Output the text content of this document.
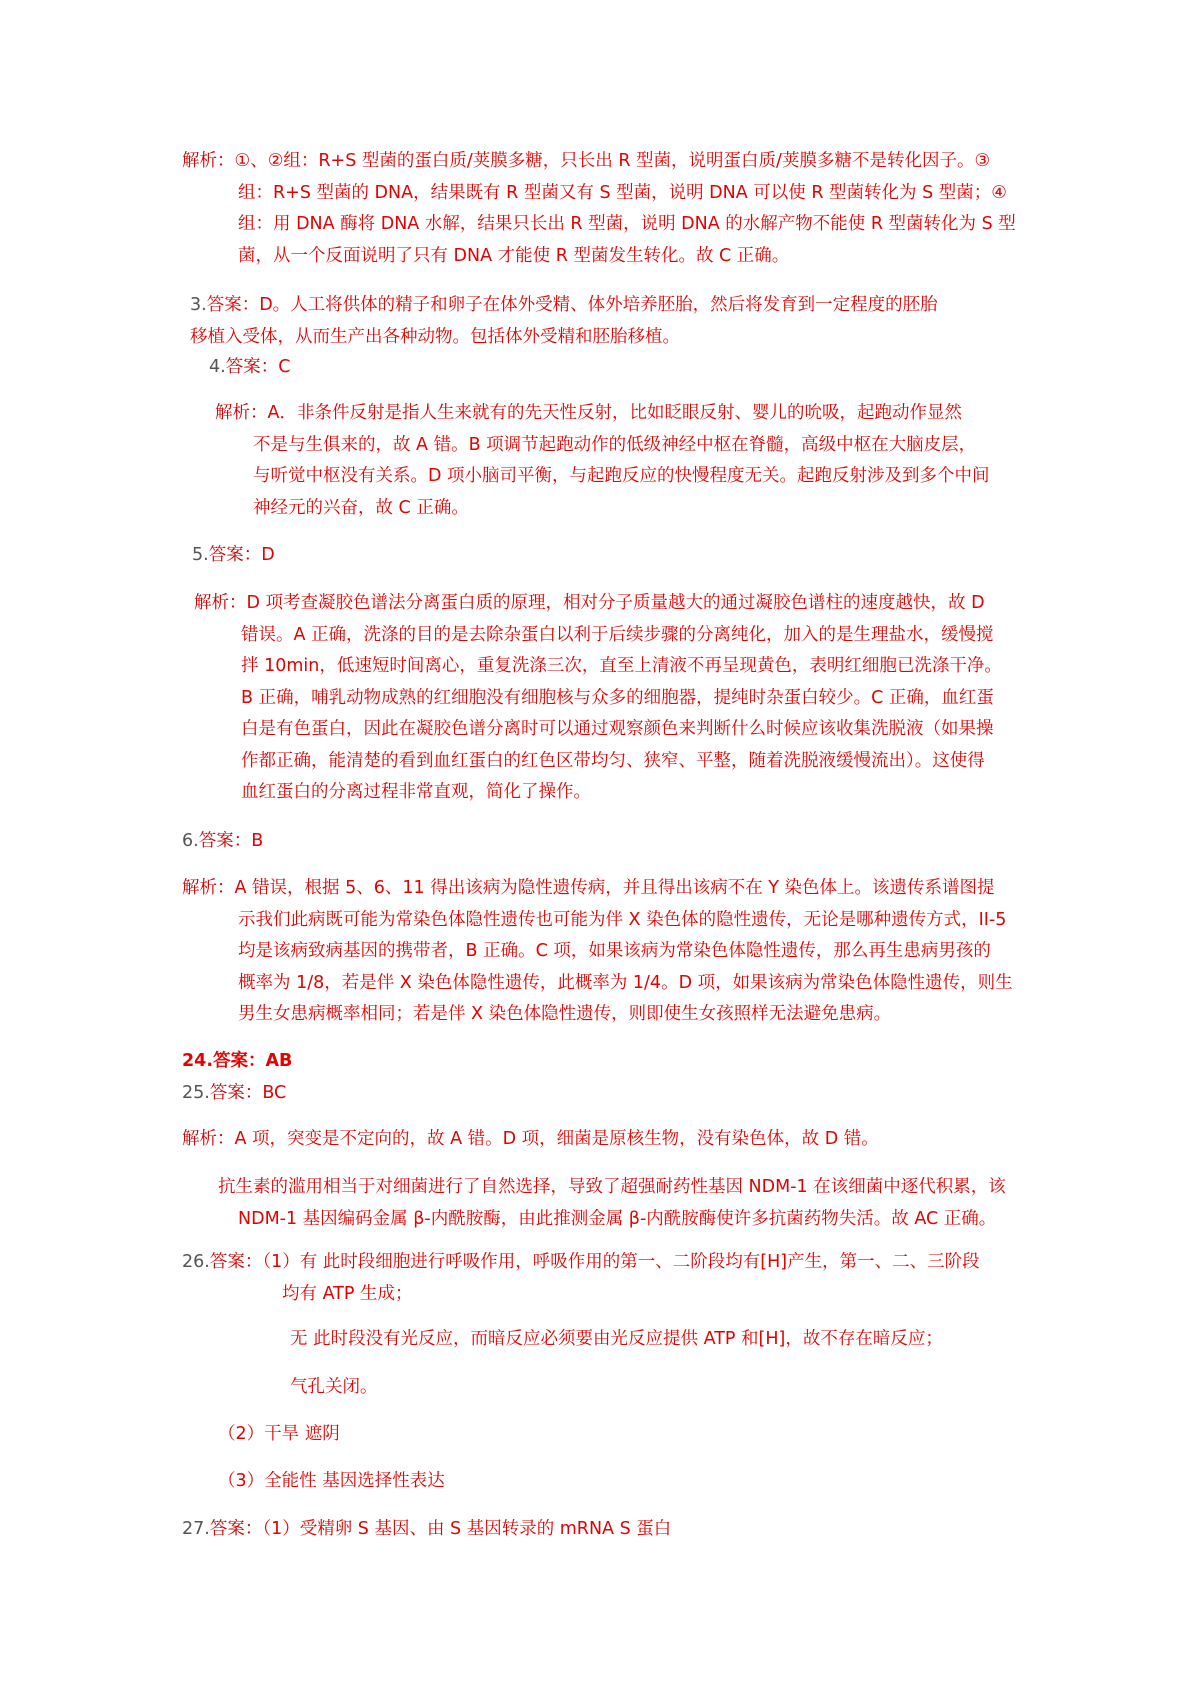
解析：①、②组：R+S 型菌的蛋白质/荚膜多糖，只长出 R 型菌，说明蛋白质/荚膜多糖不是转化因子。③
组：R+S 型菌的 DNA，结果既有 R 型菌又有 S 型菌，说明 DNA 可以使 R 型菌转化为 S 型菌；④
组：用 DNA 酶将 DNA 水解，结果只长出 R 型菌，说明 DNA 的水解产物不能使 R 型菌转化为 S 型
菌，从一个反面说明了只有 DNA 才能使 R 型菌发生转化。故 C 正确。
3.答案：D。人工将供体的精子和卵子在体外受精、体外培养胚胎，然后将发育到一定程度的胚胎
移植入受体，从而生产出各种动物。包括体外受精和胚胎移植。
4.答案：C
解析：A．非条件反射是指人生来就有的先天性反射，比如眨眼反射、婴儿的吮吸，起跑动作显然
不是与生俱来的，故 A 错。B 项调节起跑动作的低级神经中枢在脊髓，高级中枢在大脑皮层，
与听觉中枢没有关系。D 项小脑司平衡，与起跑反应的快慢程度无关。起跑反射涉及到多个中间
神经元的兴奋，故 C 正确。
5.答案：D
解析：D 项考查凝胶色谱法分离蛋白质的原理，相对分子质量越大的通过凝胶色谱柱的速度越快，故 D
错误。A 正确，洗涤的目的是去除杂蛋白以利于后续步骤的分离纯化，加入的是生理盐水，缓慢搅
拌 10min，低速短时间离心，重复洗涤三次，直至上清液不再呈现黄色，表明红细胞已洗涤干净。
B 正确，哺乳动物成熟的红细胞没有细胞核与众多的细胞器，提纯时杂蛋白较少。C 正确，血红蛋
白是有色蛋白，因此在凝胶色谱分离时可以通过观察颜色来判断什么时候应该收集洗脱液（如果操
作都正确，能清楚的看到血红蛋白的红色区带均匀、狭窄、平整，随着洗脱液缓慢流出）。这使得
血红蛋白的分离过程非常直观，简化了操作。
6.答案：B
解析：A 错误，根据 5、6、11 得出该病为隐性遗传病，并且得出该病不在 Y 染色体上。该遗传系谱图提
示我们此病既可能为常染色体隐性遗传也可能为伴 X 染色体的隐性遗传，无论是哪种遗传方式，II-5
均是该病致病基因的携带者，B 正确。C 项，如果该病为常染色体隐性遗传，那么再生患病男孩的
概率为 1/8，若是伴 X 染色体隐性遗传，此概率为 1/4。D 项，如果该病为常染色体隐性遗传，则生
男生女患病概率相同；若是伴 X 染色体隐性遗传，则即使生女孩照样无法避免患病。
24.答案：AB
25.答案：BC
解析：A 项，突变是不定向的，故 A 错。D 项，细菌是原核生物，没有染色体，故 D 错。
抗生素的滥用相当于对细菌进行了自然选择，导致了超强耐药性基因 NDM-1 在该细菌中逐代积累，该
NDM-1 基因编码金属 β-内酰胺酶，由此推测金属 β-内酰胺酶使许多抗菌药物失活。故 AC 正确。
26.答案：（1）有 此时段细胞进行呼吸作用，呼吸作用的第一、二阶段均有[H]产生，第一、二、三阶段
均有 ATP 生成；
无 此时段没有光反应，而暗反应必须要由光反应提供 ATP 和[H]，故不存在暗反应；
气孔关闭。
（2）干旱 遮阴
（3）全能性 基因选择性表达
27.答案：（1）受精卵 S 基因、由 S 基因转录的 mRNA S 蛋白
